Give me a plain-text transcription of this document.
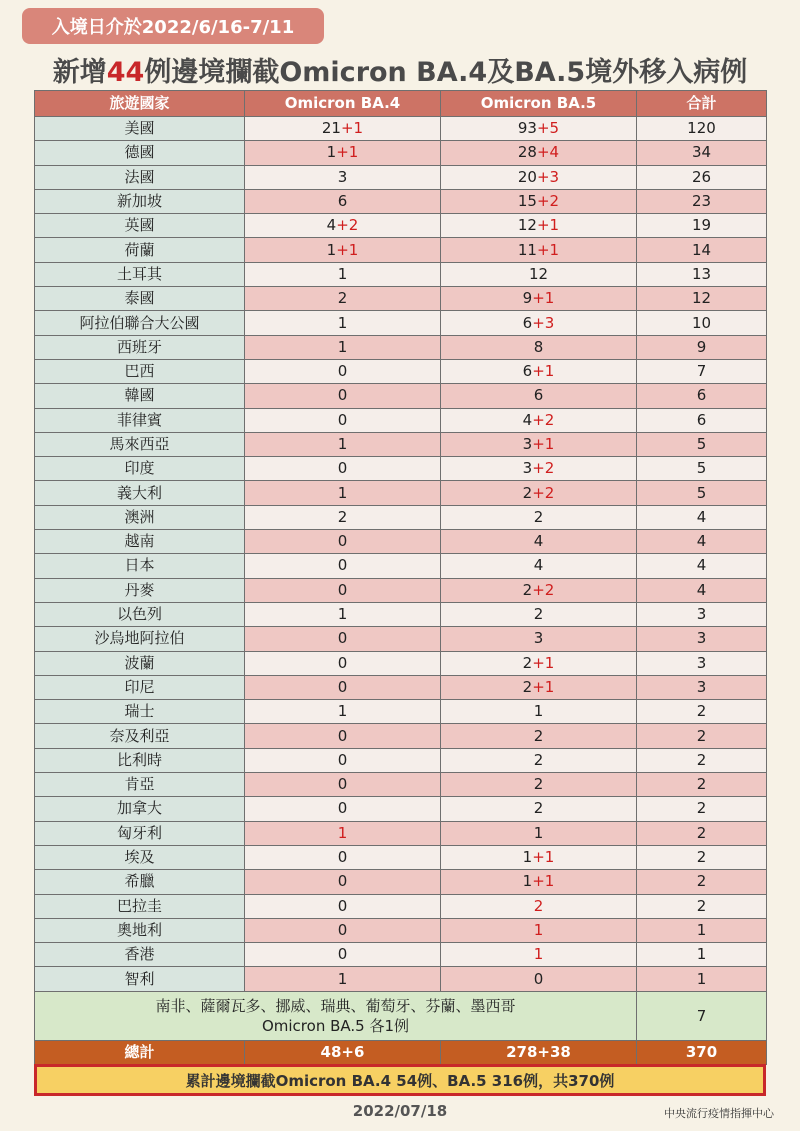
入境日介於2022/6/16-7/11
新增44例邊境攔截Omicron BA.4及BA.5境外移入病例
旅遊國家	Omicron BA.4	Omicron BA.5	合計
美國	21+1	93+5	120
德國	1+1	28+4	34
法國	3	20+3	26
新加坡	6	15+2	23
英國	4+2	12+1	19
荷蘭	1+1	11+1	14
土耳其	1	12	13
泰國	2	9+1	12
阿拉伯聯合大公國	1	6+3	10
西班牙	1	8	9
巴西	0	6+1	7
韓國	0	6	6
菲律賓	0	4+2	6
馬來西亞	1	3+1	5
印度	0	3+2	5
義大利	1	2+2	5
澳洲	2	2	4
越南	0	4	4
日本	0	4	4
丹麥	0	2+2	4
以色列	1	2	3
沙烏地阿拉伯	0	3	3
波蘭	0	2+1	3
印尼	0	2+1	3
瑞士	1	1	2
奈及利亞	0	2	2
比利時	0	2	2
肯亞	0	2	2
加拿大	0	2	2
匈牙利	1	1	2
埃及	0	1+1	2
希臘	0	1+1	2
巴拉圭	0	2	2
奧地利	0	1	1
香港	0	1	1
智利	1	0	1

南非、薩爾瓦多、挪威、瑞典、葡萄牙、芬蘭、墨西哥
Omicron BA.5 各1例			7
總計	48+6	278+38	370
累計邊境攔截Omicron BA.4 54例、BA.5 316例，共370例
2022/07/18	中央流行疫情指揮中心
